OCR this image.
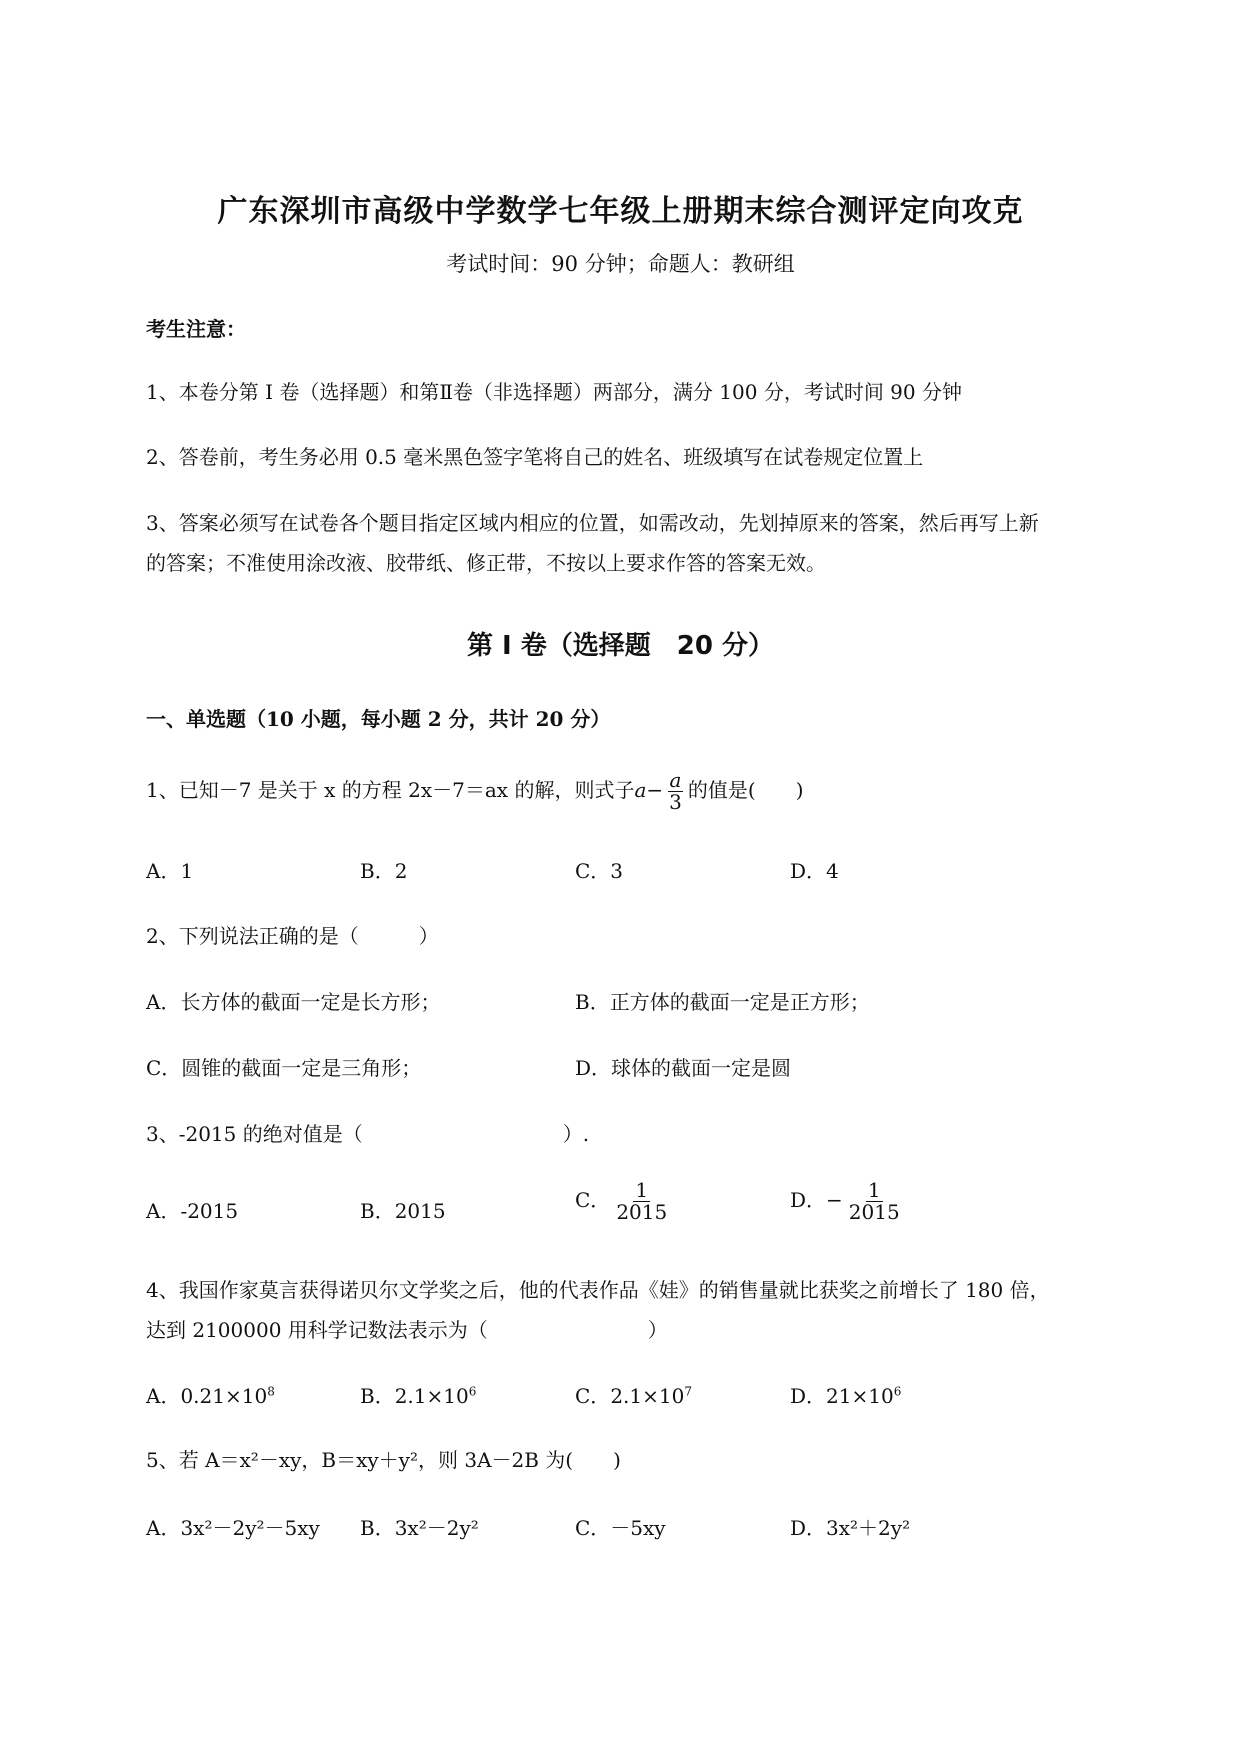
广东深圳市高级中学数学七年级上册期末综合测评定向攻克
考试时间：90 分钟；命题人：教研组
考生注意：
1、本卷分第 I 卷（选择题）和第Ⅱ卷（非选择题）两部分，满分 100 分，考试时间 90 分钟
2、答卷前，考生务必用 0.5 毫米黑色签字笔将自己的姓名、班级填写在试卷规定位置上
3、答案必须写在试卷各个题目指定区域内相应的位置，如需改动，先划掉原来的答案，然后再写上新
的答案；不准使用涂改液、胶带纸、修正带，不按以上要求作答的答案无效。
第 I 卷（选择题　20 分）
一、单选题（10 小题，每小题 2 分，共计 20 分）
1、已知－7 是关于 x 的方程 2x－7＝ax 的解，则式子$a- \frac{a}{3}$ 的值是(　　)
A．1	B．2	C．3	D．4
2、下列说法正确的是（　　　）
A．长方体的截面一定是长方形；	B．正方体的截面一定是正方形；
C．圆锥的截面一定是三角形；	D．球体的截面一定是圆
3、-2015 的绝对值是（　　　　　　　　　　）.
A．-2015	B．2015	C． $\frac{1}{2015}$	D．− $\frac{1}{2015}$
4、我国作家莫言获得诺贝尔文学奖之后，他的代表作品《娃》的销售量就比获奖之前增长了 180 倍，
达到 2100000 用科学记数法表示为（　　　　　　　　）
A．$0.21\times 10^8$	B．$2.1\times 10^6$	C．$2.1\times 10^7$	D．$21\times 10^6$
5、若 A＝x²－xy，B＝xy＋y²，则 3A－2B 为(　　)
A．3x²－2y²－5xy B．3x²－2y²	C．－5xy	D．3x²＋2y²
